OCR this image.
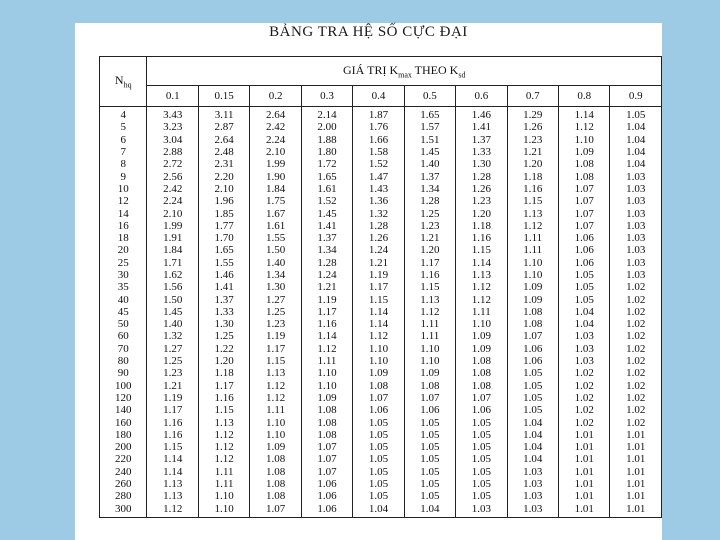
BẢNG TRA HỆ SỐ CỰC ĐẠI
$N_{hq}$	GIÁ TRỊ $K_{max}$ THEO $K_{sd}$
	0.1	0.15	0.2	0.3	0.4	0.5	0.6	0.7	0.8	0.9
4	3.43	3.11	2.64	2.14	1.87	1.65	1.46	1.29	1.14	1.05
5	3.23	2.87	2.42	2.00	1.76	1.57	1.41	1.26	1.12	1.04
6	3.04	2.64	2.24	1.88	1.66	1.51	1.37	1.23	1.10	1.04
7	2.88	2.48	2.10	1.80	1.58	1.45	1.33	1.21	1.09	1.04
8	2.72	2.31	1.99	1.72	1.52	1.40	1.30	1.20	1.08	1.04
9	2.56	2.20	1.90	1.65	1.47	1.37	1.28	1.18	1.08	1.03
10	2.42	2.10	1.84	1.61	1.43	1.34	1.26	1.16	1.07	1.03
12	2.24	1.96	1.75	1.52	1.36	1.28	1.23	1.15	1.07	1.03
14	2.10	1.85	1.67	1.45	1.32	1.25	1.20	1.13	1.07	1.03
16	1.99	1.77	1.61	1.41	1.28	1.23	1.18	1.12	1.07	1.03
18	1.91	1.70	1.55	1.37	1.26	1.21	1.16	1.11	1.06	1.03
20	1.84	1.65	1.50	1.34	1.24	1.20	1.15	1.11	1.06	1.03
25	1.71	1.55	1.40	1.28	1.21	1.17	1.14	1.10	1.06	1.03
30	1.62	1.46	1.34	1.24	1.19	1.16	1.13	1.10	1.05	1.03
35	1.56	1.41	1.30	1.21	1.17	1.15	1.12	1.09	1.05	1.02
40	1.50	1.37	1.27	1.19	1.15	1.13	1.12	1.09	1.05	1.02
45	1.45	1.33	1.25	1.17	1.14	1.12	1.11	1.08	1.04	1.02
50	1.40	1.30	1.23	1.16	1.14	1.11	1.10	1.08	1.04	1.02
60	1.32	1.25	1.19	1.14	1.12	1.11	1.09	1.07	1.03	1.02
70	1.27	1.22	1.17	1.12	1.10	1.10	1.09	1.06	1.03	1.02
80	1.25	1.20	1.15	1.11	1.10	1.10	1.08	1.06	1.03	1.02
90	1.23	1.18	1.13	1.10	1.09	1.09	1.08	1.05	1.02	1.02
100	1.21	1.17	1.12	1.10	1.08	1.08	1.08	1.05	1.02	1.02
120	1.19	1.16	1.12	1.09	1.07	1.07	1.07	1.05	1.02	1.02
140	1.17	1.15	1.11	1.08	1.06	1.06	1.06	1.05	1.02	1.02
160	1.16	1.13	1.10	1.08	1.05	1.05	1.05	1.04	1.02	1.02
180	1.16	1.12	1.10	1.08	1.05	1.05	1.05	1.04	1.01	1.01
200	1.15	1.12	1.09	1.07	1.05	1.05	1.05	1.04	1.01	1.01
220	1.14	1.12	1.08	1.07	1.05	1.05	1.05	1.04	1.01	1.01
240	1.14	1.11	1.08	1.07	1.05	1.05	1.05	1.03	1.01	1.01
260	1.13	1.11	1.08	1.06	1.05	1.05	1.05	1.03	1.01	1.01
280	1.13	1.10	1.08	1.06	1.05	1.05	1.05	1.03	1.01	1.01
300	1.12	1.10	1.07	1.06	1.04	1.04	1.03	1.03	1.01	1.01
